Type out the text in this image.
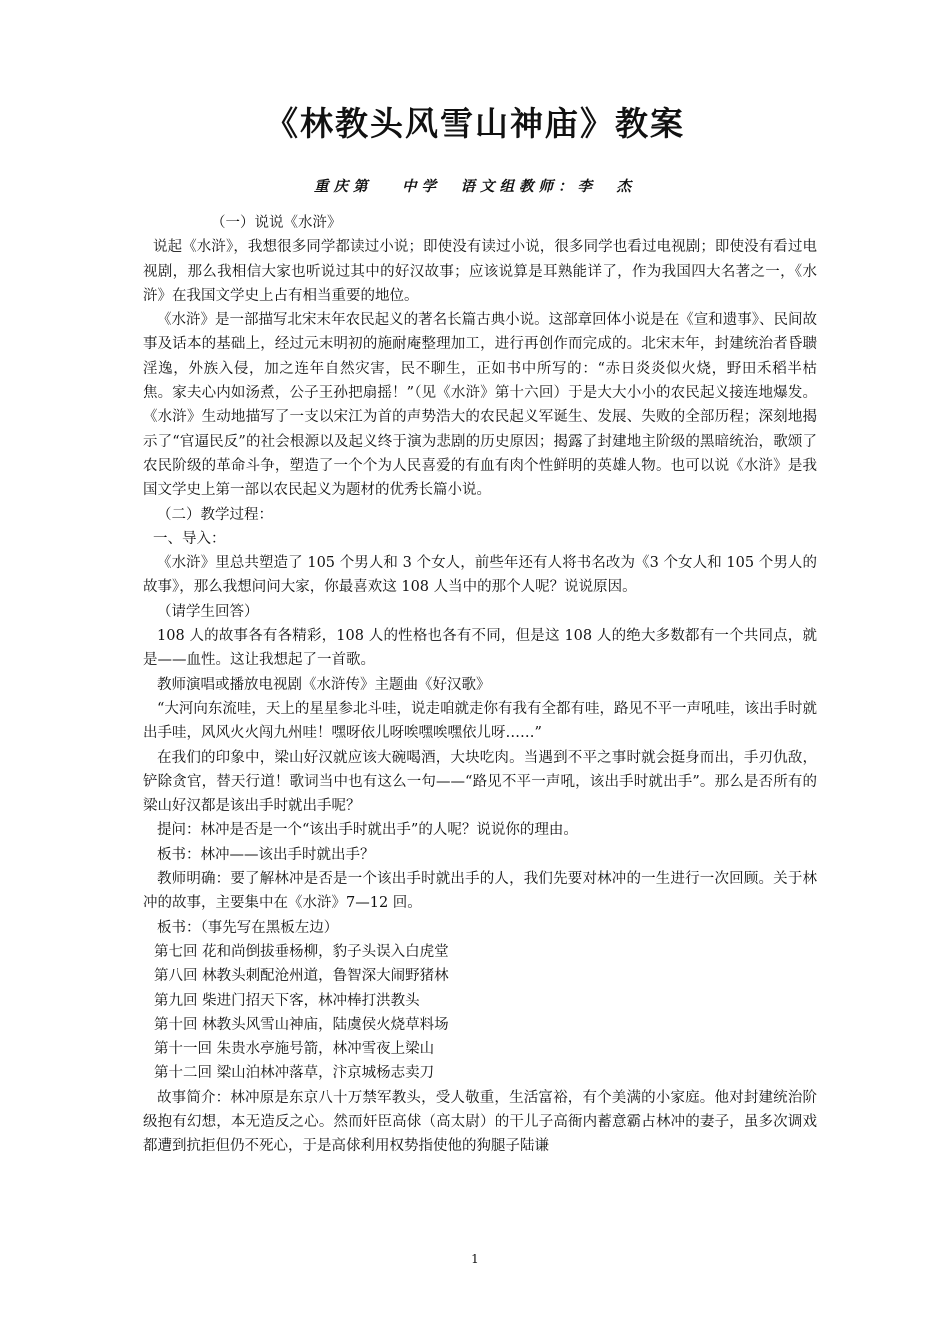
《林教头风雪山神庙》教案
重庆第　 中学　语文组教师：李　杰

（一）说说《水浒》

说起《水浒》，我想很多同学都读过小说；即使没有读过小说，很多同学也看过电视剧；即使没有看过电视剧，那么我相信大家也听说过其中的好汉故事；应该说算是耳熟能详了，作为我国四大名著之一，《水浒》在我国文学史上占有相当重要的地位。

《水浒》是一部描写北宋末年农民起义的著名长篇古典小说。这部章回体小说是在《宣和遗事》、民间故事及话本的基础上，经过元末明初的施耐庵整理加工，进行再创作而完成的。北宋末年，封建统治者昏聩淫逸，外族入侵，加之连年自然灾害，民不聊生，正如书中所写的：“赤日炎炎似火烧，野田禾稻半枯焦。家夫心内如汤煮，公子王孙把扇摇！”（见《水浒》第十六回）于是大大小小的农民起义接连地爆发。《水浒》生动地描写了一支以宋江为首的声势浩大的农民起义军诞生、发展、失败的全部历程；深刻地揭示了“官逼民反”的社会根源以及起义终于演为悲剧的历史原因；揭露了封建地主阶级的黑暗统治，歌颂了农民阶级的革命斗争，塑造了一个个为人民喜爱的有血有肉个性鲜明的英雄人物。也可以说《水浒》是我国文学史上第一部以农民起义为题材的优秀长篇小说。

（二）教学过程：

一、导入：

《水浒》里总共塑造了 105 个男人和 3 个女人，前些年还有人将书名改为《3 个女人和 105 个男人的故事》，那么我想问问大家，你最喜欢这 108 人当中的那个人呢？说说原因。

（请学生回答）

108 人的故事各有各精彩，108 人的性格也各有不同，但是这 108 人的绝大多数都有一个共同点，就是——血性。这让我想起了一首歌。

教师演唱或播放电视剧《水浒传》主题曲《好汉歌》

“大河向东流哇，天上的星星参北斗哇，说走咱就走你有我有全都有哇，路见不平一声吼哇，该出手时就出手哇，风风火火闯九州哇！嘿呀依儿呀唉嘿唉嘿依儿呀……”

在我们的印象中，梁山好汉就应该大碗喝酒，大块吃肉。当遇到不平之事时就会挺身而出，手刃仇敌，铲除贪官，替天行道！歌词当中也有这么一句——“路见不平一声吼，该出手时就出手”。那么是否所有的梁山好汉都是该出手时就出手呢？

提问：林冲是否是一个“该出手时就出手”的人呢？说说你的理由。

板书：林冲——该出手时就出手？

教师明确：要了解林冲是否是一个该出手时就出手的人，我们先要对林冲的一生进行一次回顾。关于林冲的故事，主要集中在《水浒》7—12 回。

板书：（事先写在黑板左边）

第七回 花和尚倒拔垂杨柳，豹子头误入白虎堂

第八回 林教头刺配沧州道，鲁智深大闹野猪林

第九回 柴进门招天下客，林冲棒打洪教头

第十回 林教头风雪山神庙，陆虞侯火烧草料场

第十一回 朱贵水亭施号箭，林冲雪夜上梁山

第十二回 梁山泊林冲落草，汴京城杨志卖刀

故事简介：林冲原是东京八十万禁军教头，受人敬重，生活富裕，有个美满的小家庭。他对封建统治阶级抱有幻想，本无造反之心。然而奸臣高俅（高太尉）的干儿子高衙内蓄意霸占林冲的妻子，虽多次调戏都遭到抗拒但仍不死心，于是高俅利用权势指使他的狗腿子陆谦

1
